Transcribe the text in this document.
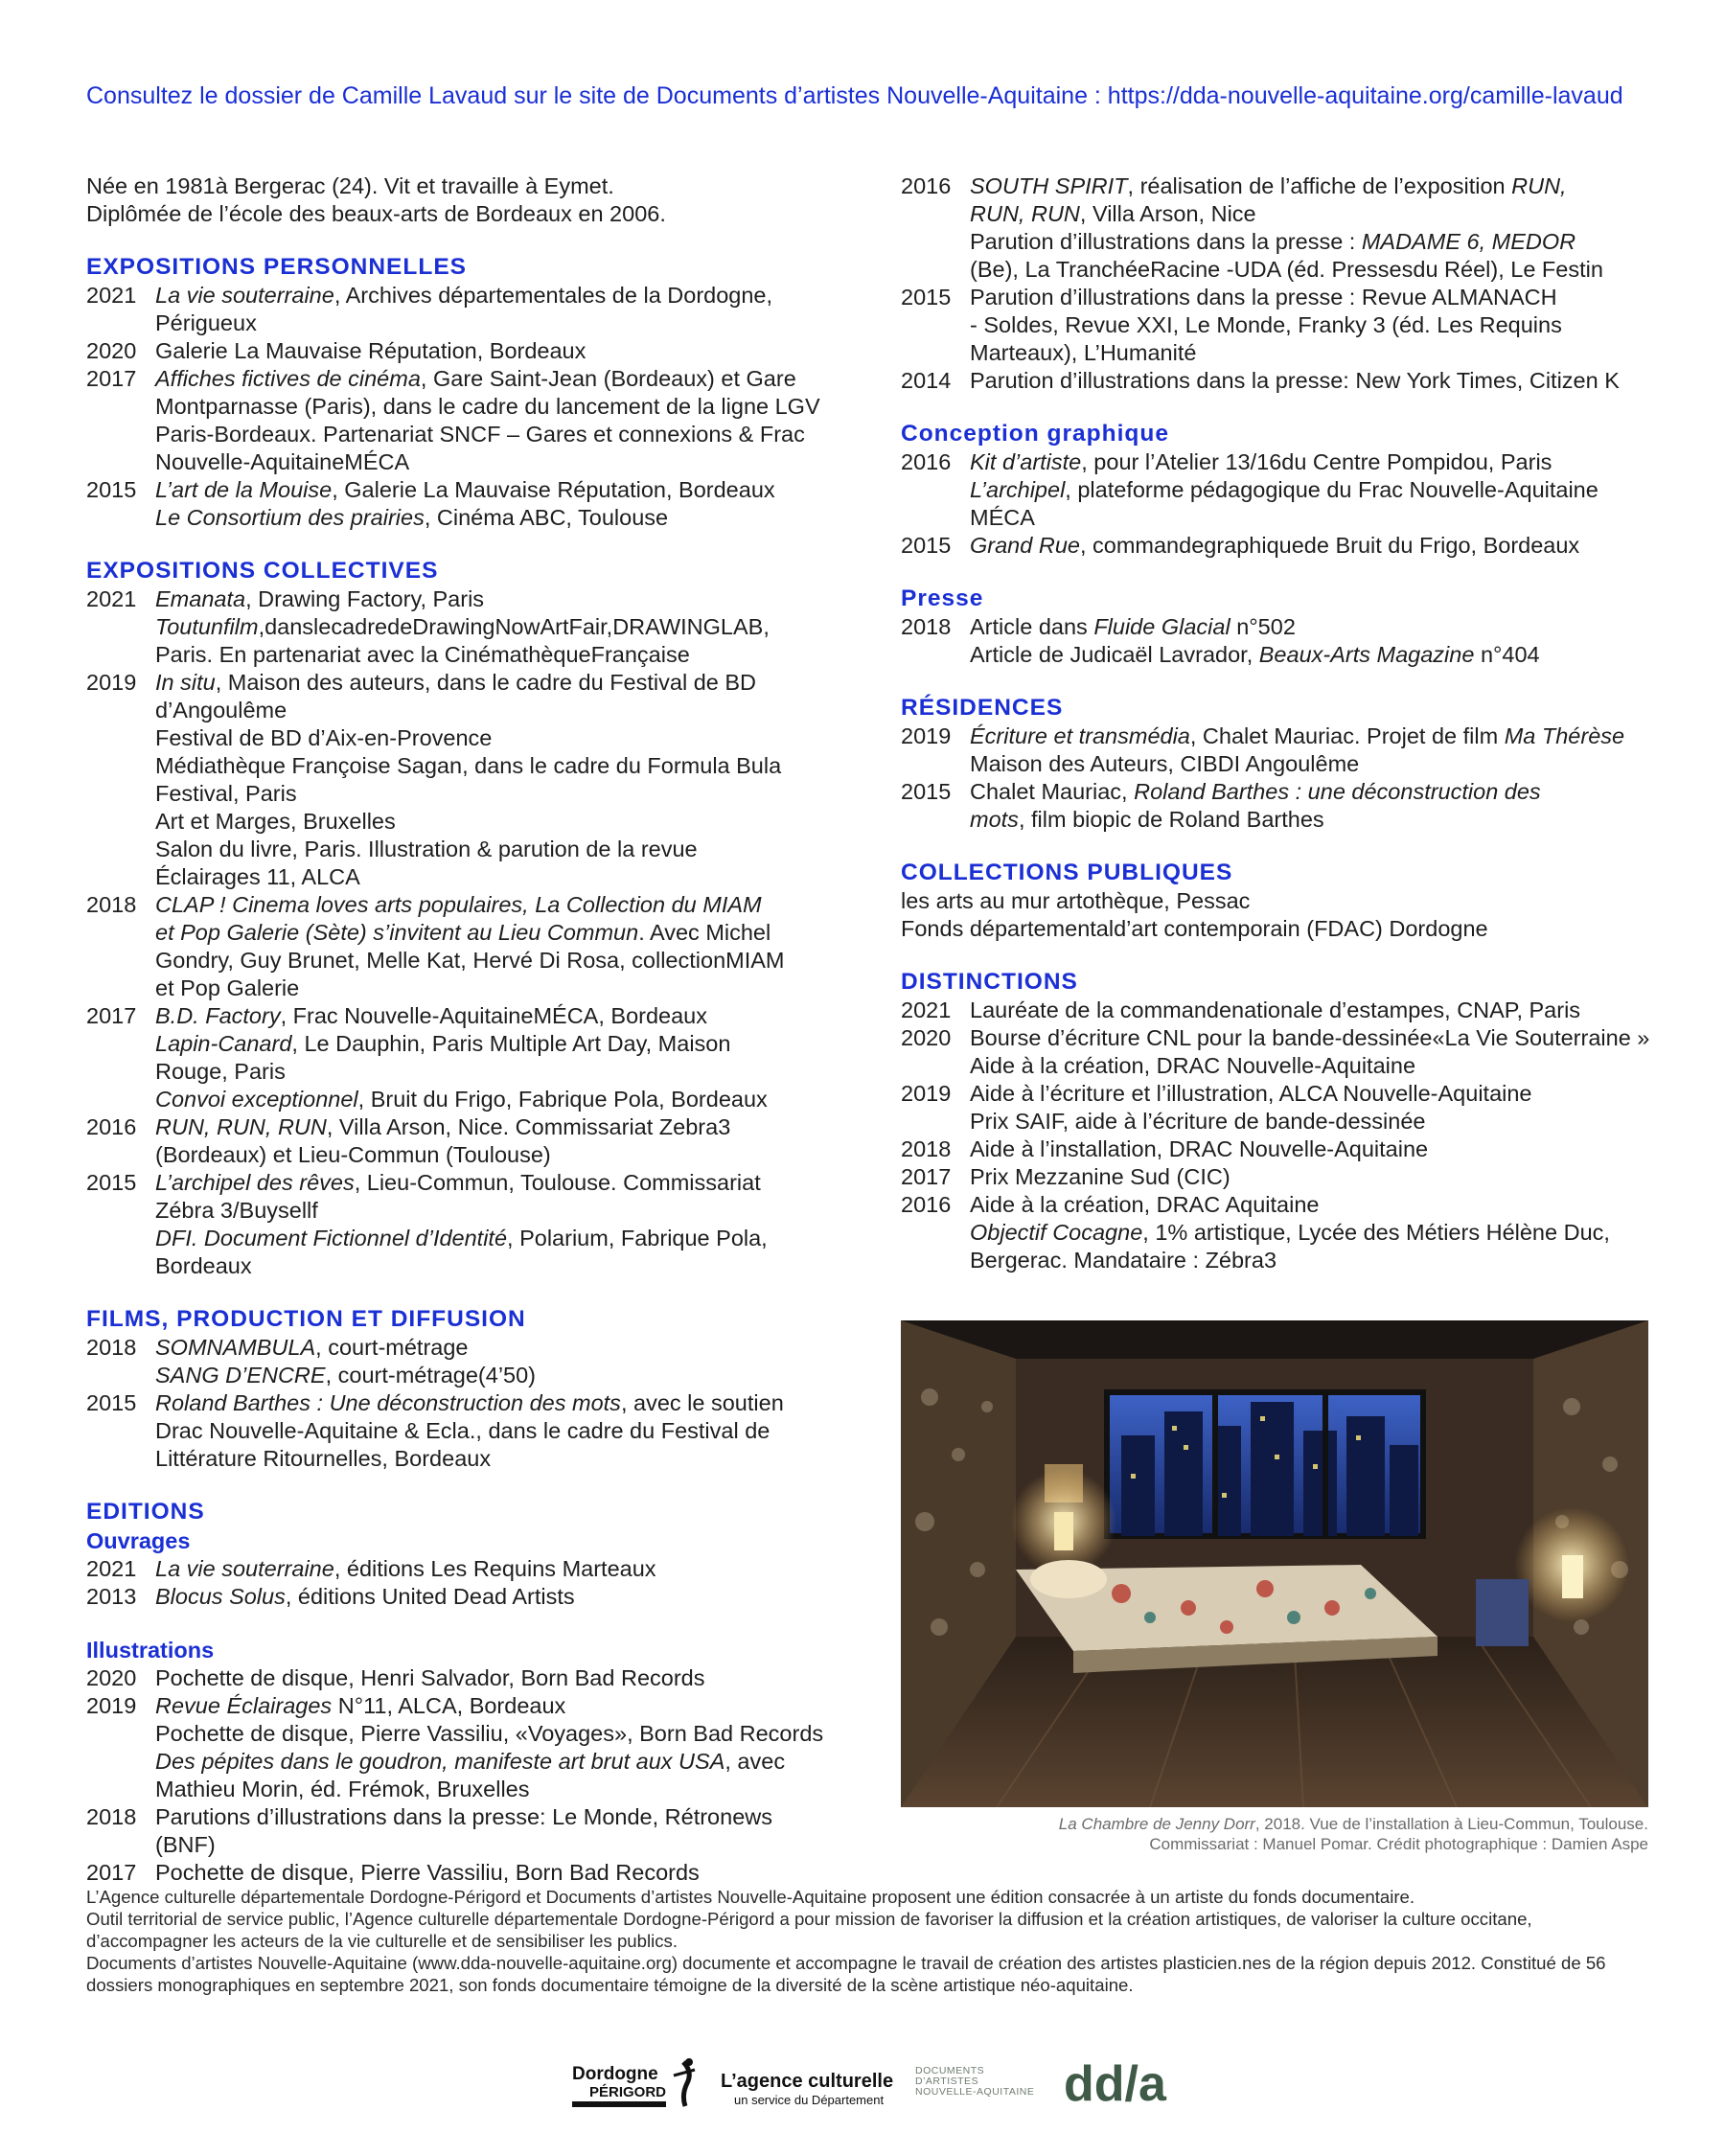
Consultez le dossier de Camille Lavaud sur le site de Documents d’artistes Nouvelle-Aquitaine : https://dda-nouvelle-aquitaine.org/camille-lavaud

Née en 1981à Bergerac (24). Vit et travaille à Eymet.

Diplômée de l’école des beaux-arts de Bordeaux en 2006.

EXPOSITIONS PERSONNELLES
2021 La vie souterraine, Archives départementales de la Dordogne,
Périgueux
2020 Galerie La Mauvaise Réputation, Bordeaux
2017 Affiches fictives de cinéma, Gare Saint-Jean (Bordeaux) et Gare
Montparnasse (Paris), dans le cadre du lancement de la ligne LGV
Paris-Bordeaux. Partenariat SNCF – Gares et connexions & Frac
Nouvelle-AquitaineMÉCA
2015 L’art de la Mouise, Galerie La Mauvaise Réputation, Bordeaux
Le Consortium des prairies, Cinéma ABC, Toulouse
EXPOSITIONS COLLECTIVES
2021 Emanata, Drawing Factory, Paris
Toutunfilm,danslecadredeDrawingNowArtFair,DRAWINGLAB,
Paris. En partenariat avec la CinémathèqueFrançaise
2019 In situ, Maison des auteurs, dans le cadre du Festival de BD
d’Angoulême
Festival de BD d’Aix-en-Provence
Médiathèque Françoise Sagan, dans le cadre du Formula Bula
Festival, Paris
Art et Marges, Bruxelles
Salon du livre, Paris. Illustration & parution de la revue
Éclairages 11, ALCA
2018 CLAP ! Cinema loves arts populaires, La Collection du MIAM
et Pop Galerie (Sète) s’invitent au Lieu Commun. Avec Michel
Gondry, Guy Brunet, Melle Kat, Hervé Di Rosa, collectionMIAM
et Pop Galerie
2017 B.D. Factory, Frac Nouvelle-AquitaineMÉCA, Bordeaux
Lapin-Canard, Le Dauphin, Paris Multiple Art Day, Maison
Rouge, Paris
Convoi exceptionnel, Bruit du Frigo, Fabrique Pola, Bordeaux
2016 RUN, RUN, RUN, Villa Arson, Nice. Commissariat Zebra3
(Bordeaux) et Lieu-Commun (Toulouse)
2015 L’archipel des rêves, Lieu-Commun, Toulouse. Commissariat
Zébra 3/Buysellf
DFI. Document Fictionnel d’Identité, Polarium, Fabrique Pola,
Bordeaux
FILMS, PRODUCTION ET DIFFUSION
2018 SOMNAMBULA, court-métrage
SANG D’ENCRE, court-métrage(4’50)
2015 Roland Barthes : Une déconstruction des mots, avec le soutien
Drac Nouvelle-Aquitaine & Ecla., dans le cadre du Festival de
Littérature Ritournelles, Bordeaux
EDITIONS
Ouvrages
2021 La vie souterraine, éditions Les Requins Marteaux
2013 Blocus Solus, éditions United Dead Artists
Illustrations
2020 Pochette de disque, Henri Salvador, Born Bad Records
2019 Revue Éclairages N°11, ALCA, Bordeaux
Pochette de disque, Pierre Vassiliu, «Voyages», Born Bad Records
Des pépites dans le goudron, manifeste art brut aux USA, avec
Mathieu Morin, éd. Frémok, Bruxelles
2018 Parutions d’illustrations dans la presse: Le Monde, Rétronews (BNF)
2017 Pochette de disque, Pierre Vassiliu, Born Bad Records
2016 SOUTH SPIRIT, réalisation de l’affiche de l’exposition RUN,
RUN, RUN, Villa Arson, Nice
Parution d’illustrations dans la presse : MADAME 6, MEDOR
(Be), La TranchéeRacine -UDA (éd. Pressesdu Réel), Le Festin
2015 Parution d’illustrations dans la presse : Revue ALMANACH
- Soldes, Revue XXI, Le Monde, Franky 3 (éd. Les Requins
Marteaux), L’Humanité
2014 Parution d’illustrations dans la presse: New York Times, Citizen K
Conception graphique
2016 Kit d’artiste, pour l’Atelier 13/16du Centre Pompidou, Paris
L’archipel, plateforme pédagogique du Frac Nouvelle-Aquitaine
MÉCA
2015 Grand Rue, commandegraphiquede Bruit du Frigo, Bordeaux
Presse
2018 Article dans Fluide Glacial n°502
Article de Judicaël Lavrador, Beaux-Arts Magazine n°404
RÉSIDENCES
2019 Écriture et transmédia, Chalet Mauriac. Projet de film Ma Thérèse
Maison des Auteurs, CIBDI Angoulême
2015 Chalet Mauriac, Roland Barthes : une déconstruction des
mots, film biopic de Roland Barthes
COLLECTIONS PUBLIQUES
les arts au mur artothèque, Pessac
Fonds départementald’art contemporain (FDAC) Dordogne
DISTINCTIONS
2021 Lauréate de la commandenationale d’estampes, CNAP, Paris
2020 Bourse d’écriture CNL pour la bande-dessinée«La Vie Souterraine »
Aide à la création, DRAC Nouvelle-Aquitaine
2019 Aide à l’écriture et l’illustration, ALCA Nouvelle-Aquitaine
Prix SAIF, aide à l’écriture de bande-dessinée
2018 Aide à l’installation, DRAC Nouvelle-Aquitaine
2017 Prix Mezzanine Sud (CIC)
2016 Aide à la création, DRAC Aquitaine
Objectif Cocagne, 1% artistique, Lycée des Métiers Hélène Duc,
Bergerac. Mandataire : Zébra3
La Chambre de Jenny Dorr, 2018. Vue de l’installation à Lieu-Commun, Toulouse.
Commissariat : Manuel Pomar. Crédit photographique : Damien Aspe

L’Agence culturelle départementale Dordogne-Périgord et Documents d’artistes Nouvelle-Aquitaine proposent une édition consacrée à un artiste du fonds documentaire.

Outil territorial de service public, l’Agence culturelle départementale Dordogne-Périgord a pour mission de favoriser la diffusion et la création artistiques, de valoriser la culture occitane, d’accompagner les acteurs de la vie culturelle et de sensibiliser les publics.

Documents d’artistes Nouvelle-Aquitaine (www.dda-nouvelle-aquitaine.org) documente et accompagne le travail de création des artistes plasticien.nes de la région depuis 2012. Constitué de 56 dossiers monographiques en septembre 2021, son fonds documentaire témoigne de la diversité de la scène artistique néo-aquitaine.

Dordogne
PÉRIGORD
L’agence culturelle
un service du Département
DOCUMENTS
D’ARTISTES
NOUVELLE-AQUITAINE dd/a
